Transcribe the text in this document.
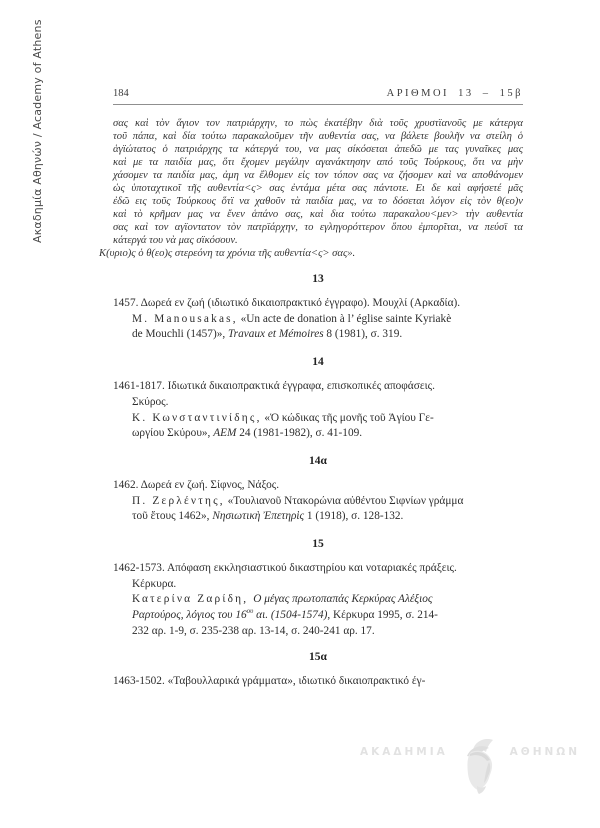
Ακαδημία Αθηνών / Academy of Athens	184	ΑΡΙΘΜΟΙ 13 – 15β
σας καὶ τὸν ἅγιον τον πατριάρχην, το πὼς ἑκατέβην διὰ τοῦς χρυστϊανοῦς με κάτεργα
τοῦ πάπα, καὶ δία τούτω παρακαλοῦμεν τῆν αυθεντία σας, να βάλετε βουλῆν να στείλη ὁ
ἁγϊώτατος ὁ πατριάρχης τα κάτεργά του, να μας σίκόσεται ἀπεδῶ με τας γυναῖκες μας
καὶ με τα παιδία μας, ὅτι ἔχομεν μεγάλην αγανάκτησην από τοῦς Τούρκους, ὅτι να μὴν
χάσομεν τα παιδία μας, ἀμη να ἔλθομεν εἰς τον τόπον σας να ζήσομεν καὶ να αποθάνομεν
ὡς ὑποταχτικοῖ τῆς αυθεντία<ς> σας ἐντάμα μέτα σας πάντοτε. Ει δε καὶ αφήσετέ μᾶς
ἐδῶ εις τοῦς Τούρκους ὅτϊ να χαθοῦν τὰ παιδία μας, να το δόσεται λόγον εἰς τὸν θ(εο)ν
καὶ τὸ κρῆμαν μας να ἔνεν ἁπάνο σας, καὶ δια τούτω παρακαλου<μεν> τὴν αυθεντία
σας καὶ τον αγϊοντατον τὸν πατρϊάρχην, το εγληγορόττερον ὅπου ἐμπορῖται, να πεύσϊ τα
κάτεργά του νὰ μας σϊκόσουν.
Κ(υριο)ς ὁ θ(εο)ς στερεόνη τα χρόνια τῆς αυθεντία<ς> σας».
13
1457. Δωρεά εν ζωή (ιδιωτικό δικαιοπρακτικό έγγραφο). Μουχλί (Αρκαδία).
Μ. Manousakas, «Un acte de donation à l’ église sainte Kyriakè
de Mouchli (1457)», Travaux et Mémoires 8 (1981), σ. 319.
14
1461-1817. Ιδιωτικά δικαιοπρακτικά έγγραφα, επισκοπικές αποφάσεις.
Σκύρος.
Κ. Κωνσταντινίδης, «Ὁ κώδικας τῆς μονῆς τοῦ Ἁγίου Γε-
ωργίου Σκύρου», ΑΕΜ 24 (1981-1982), σ. 41-109.
14α
1462. Δωρεά εν ζωή. Σίφνος, Νάξος.
Π. Ζερλέντης, «Τουλιανοῦ Ντακορώνια αὐθέντου Σιφνίων γράμμα
τοῦ ἔτους 1462», Νησιωτικὴ Ἐπετηρὶς 1 (1918), σ. 128-132.
15
1462-1573. Απόφαση εκκλησιαστικού δικαστηρίου και νοταριακές πράξεις.
Κέρκυρα.
Κατερίνα Ζαρίδη, Ο μέγας πρωτοπαπάς Κερκύρας Αλέξιος
Ραρτούρος, λόγιος του $16^{o\upsilon}$ αι. (1504-1574), Κέρκυρα 1995, σ. 214-
232 αρ. 1-9, σ. 235-238 αρ. 13-14, σ. 240-241 αρ. 17.
15α
1463-1502. «Ταβουλλαρικά γράμματα», ιδιωτικό δικαιοπρακτικό έγ-
ΑΚΑΔΗΜΙΑ	ΑΘΗΝΩΝ
